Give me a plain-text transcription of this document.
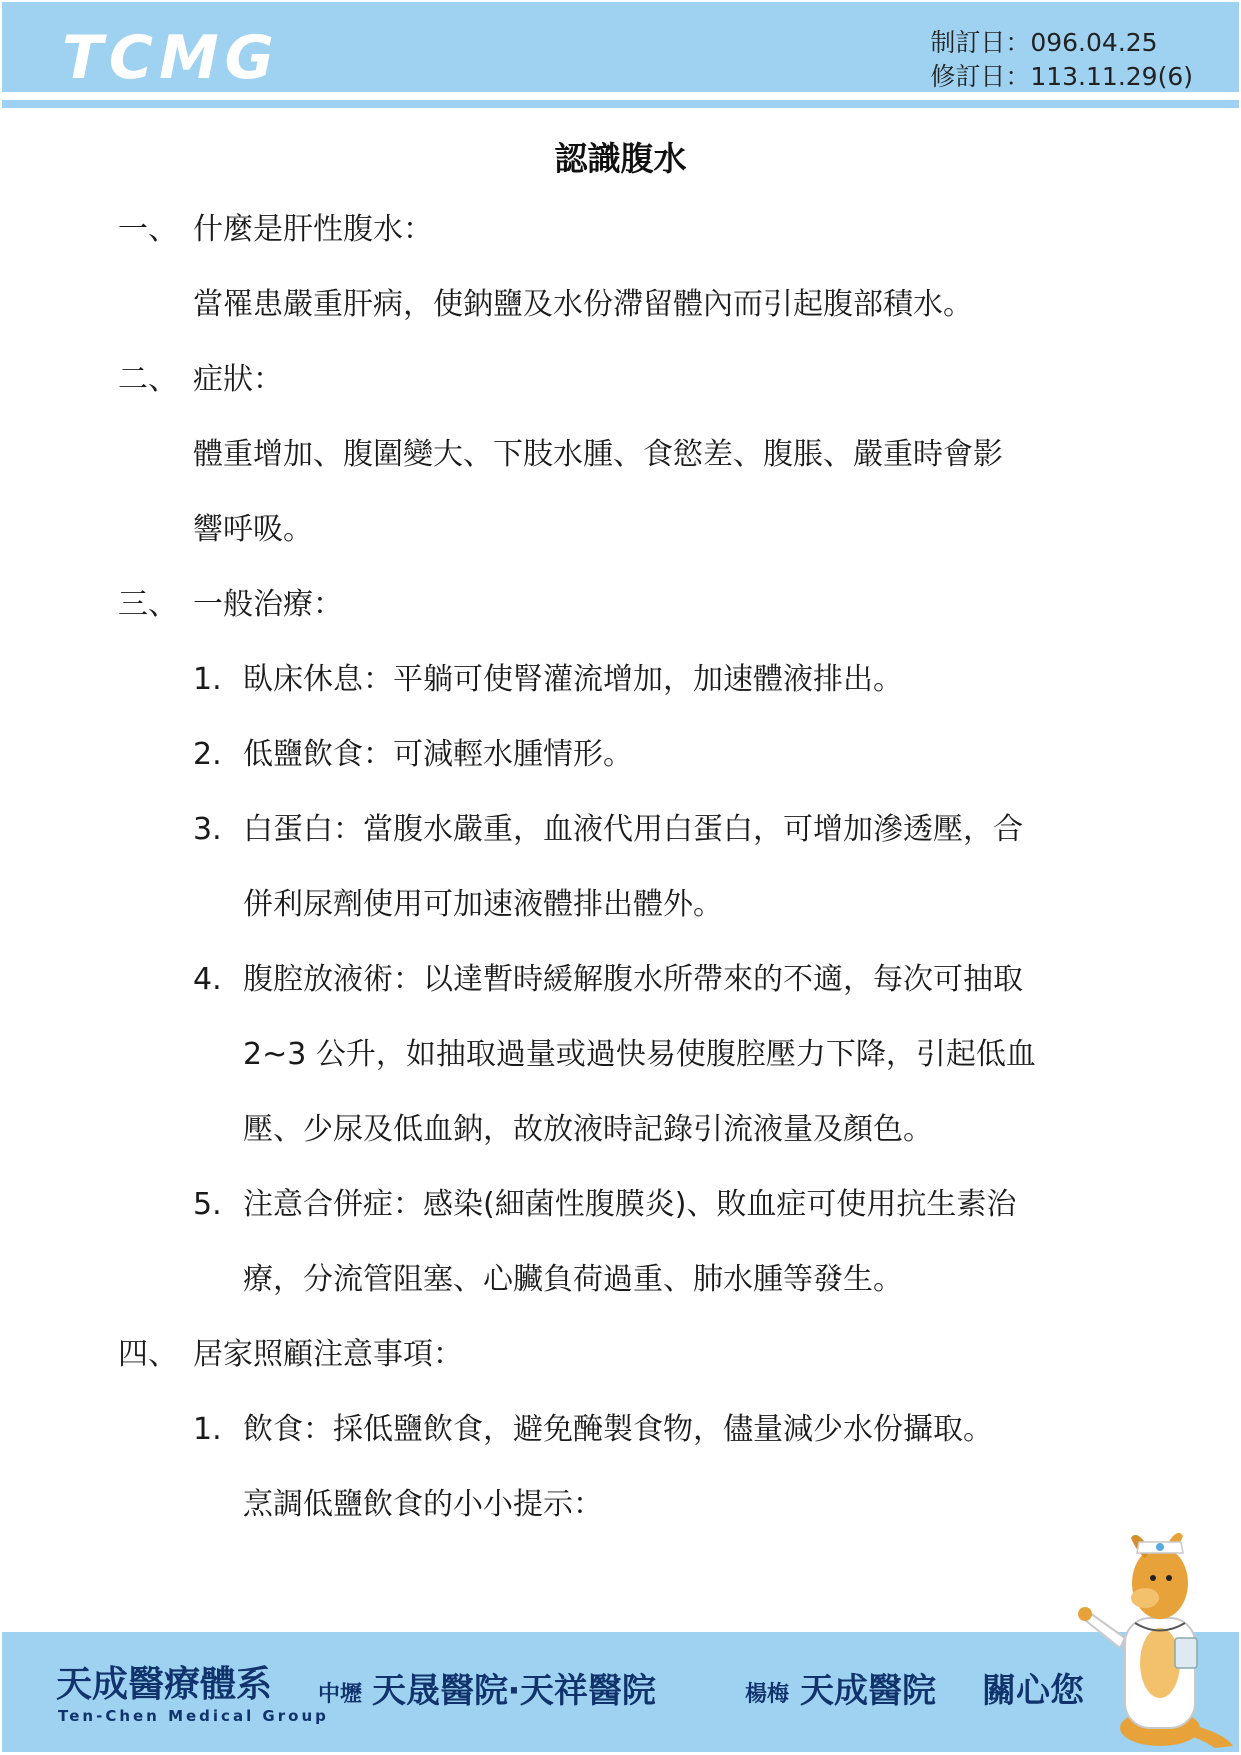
TCMG	制訂日：096.04.25
修訂日：113.11.29(6)
認識腹水
一、 什麼是肝性腹水：
當罹患嚴重肝病，使鈉鹽及水份滯留體內而引起腹部積水。
二、 症狀：
體重增加、腹圍變大、下肢水腫、食慾差、腹脹、嚴重時會影
響呼吸。
三、 一般治療：
1. 臥床休息：平躺可使腎灌流增加，加速體液排出。
2. 低鹽飲食：可減輕水腫情形。
3. 白蛋白：當腹水嚴重，血液代用白蛋白，可增加滲透壓，合
併利尿劑使用可加速液體排出體外。
4. 腹腔放液術：以達暫時緩解腹水所帶來的不適，每次可抽取
2~3 公升，如抽取過量或過快易使腹腔壓力下降，引起低血
壓、少尿及低血鈉，故放液時記錄引流液量及顏色。
5. 注意合併症：感染(細菌性腹膜炎)、敗血症可使用抗生素治
療，分流管阻塞、心臟負荷過重、肺水腫等發生。
四、 居家照顧注意事項：
1. 飲食：採低鹽飲食，避免醃製食物，儘量減少水份攝取。
烹調低鹽飲食的小小提示：
天成醫療體系
Ten-Chen Medical Group
中壢 天晟醫院‧天祥醫院	楊梅 天成醫院 關心您
